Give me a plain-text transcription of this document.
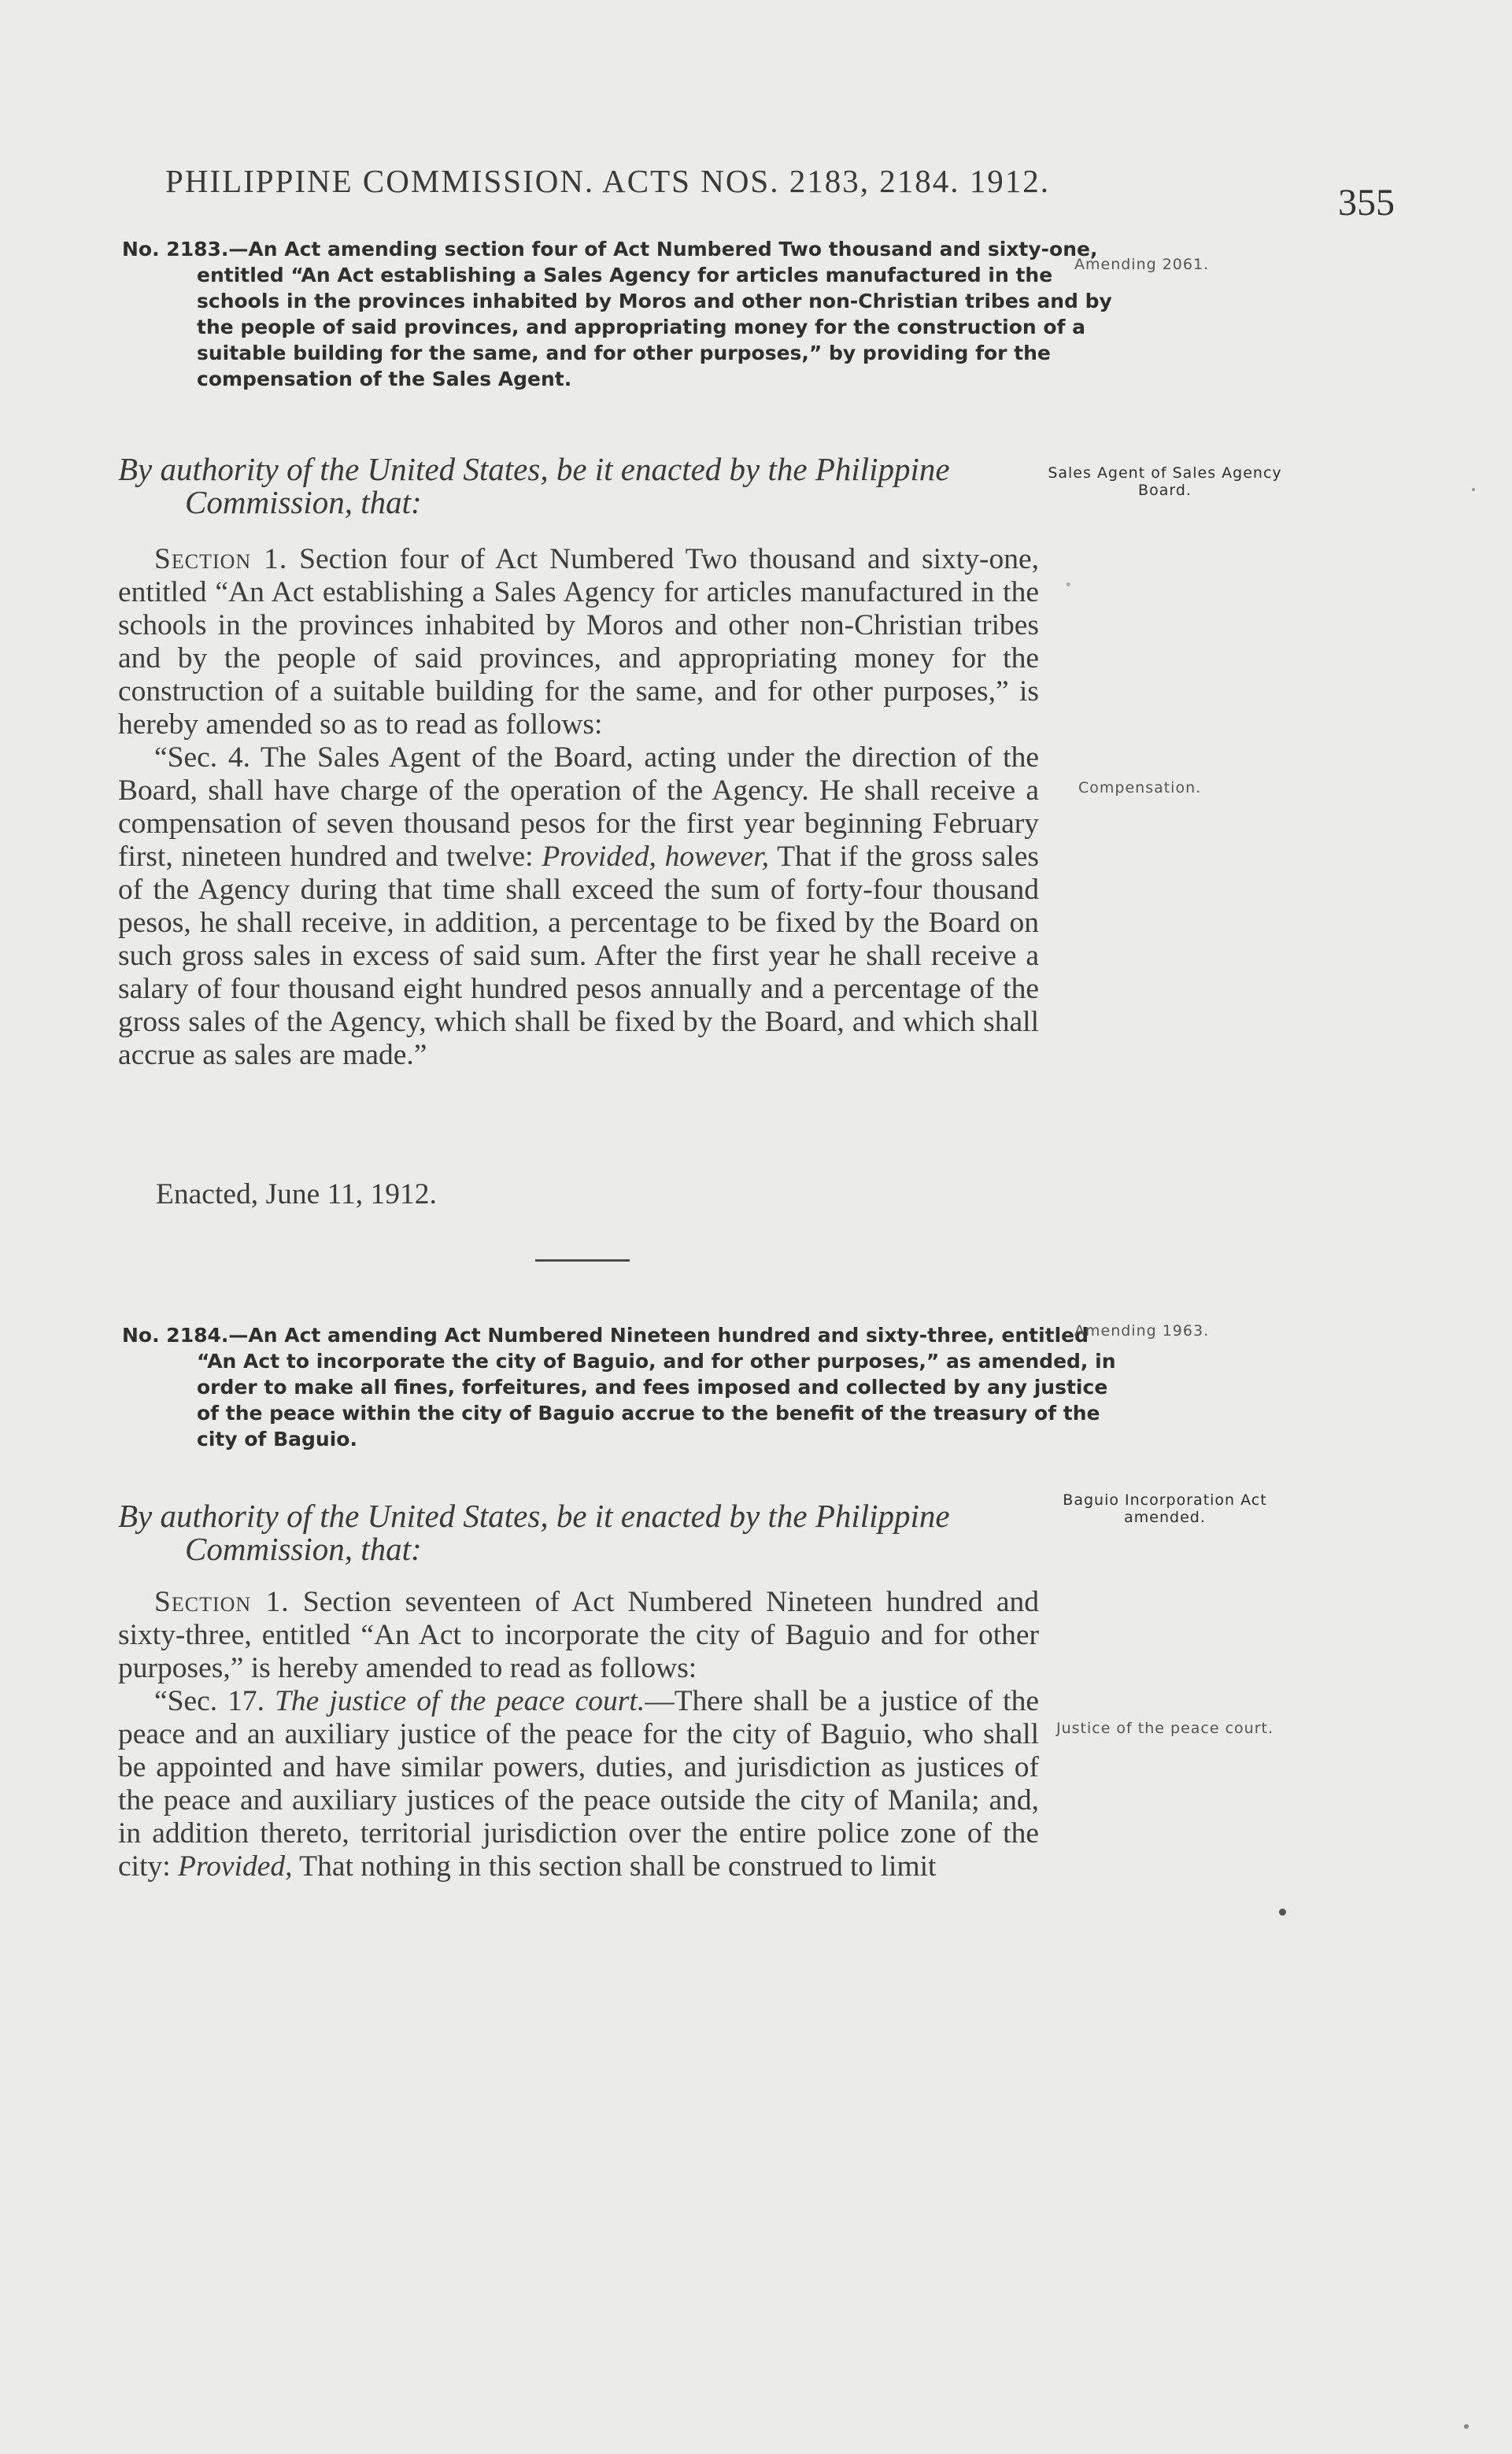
PHILIPPINE COMMISSION. ACTS NOS. 2183, 2184. 1912.
355
No. 2183.—An Act amending section four of Act Numbered Two thousand and sixty-one, entitled “An Act establishing a Sales Agency for articles manufactured in the schools in the provinces inhabited by Moros and other non-Christian tribes and by the people of said provinces, and appropriating money for the construction of a suitable building for the same, and for other purposes,” by providing for the compensation of the Sales Agent.
Amending 2061.
By authority of the United States, be it enacted by the Philippine Commission, that:
Sales Agent of Sales Agency Board.

Section 1. Section four of Act Numbered Two thousand and sixty-one, entitled “An Act establishing a Sales Agency for articles manufactured in the schools in the provinces inhabited by Moros and other non-Christian tribes and by the people of said provinces, and appropriating money for the construction of a suitable building for the same, and for other purposes,” is hereby amended so as to read as follows:

“Sec. 4. The Sales Agent of the Board, acting under the direction of the Board, shall have charge of the operation of the Agency. He shall receive a compensation of seven thousand pesos for the first year beginning February first, nineteen hundred and twelve: Provided, however, That if the gross sales of the Agency during that time shall exceed the sum of forty-four thousand pesos, he shall receive, in addition, a percentage to be fixed by the Board on such gross sales in excess of said sum. After the first year he shall receive a salary of four thousand eight hundred pesos annually and a percentage of the gross sales of the Agency, which shall be fixed by the Board, and which shall accrue as sales are made.”

Compensation.
Enacted, June 11, 1912.
No. 2184.—An Act amending Act Numbered Nineteen hundred and sixty-three, entitled “An Act to incorporate the city of Baguio, and for other purposes,” as amended, in order to make all fines, forfeitures, and fees imposed and collected by any justice of the peace within the city of Baguio accrue to the benefit of the treasury of the city of Baguio.
Amending 1963.
By authority of the United States, be it enacted by the Philippine Commission, that:
Baguio Incorporation Act amended.

Section 1. Section seventeen of Act Numbered Nineteen hundred and sixty-three, entitled “An Act to incorporate the city of Baguio and for other purposes,” is hereby amended to read as follows:

“Sec. 17. The justice of the peace court.—There shall be a justice of the peace and an auxiliary justice of the peace for the city of Baguio, who shall be appointed and have similar powers, duties, and jurisdiction as justices of the peace and auxiliary justices of the peace outside the city of Manila; and, in addition thereto, territorial jurisdiction over the entire police zone of the city: Provided, That nothing in this section shall be construed to limit

Justice of the peace court.
